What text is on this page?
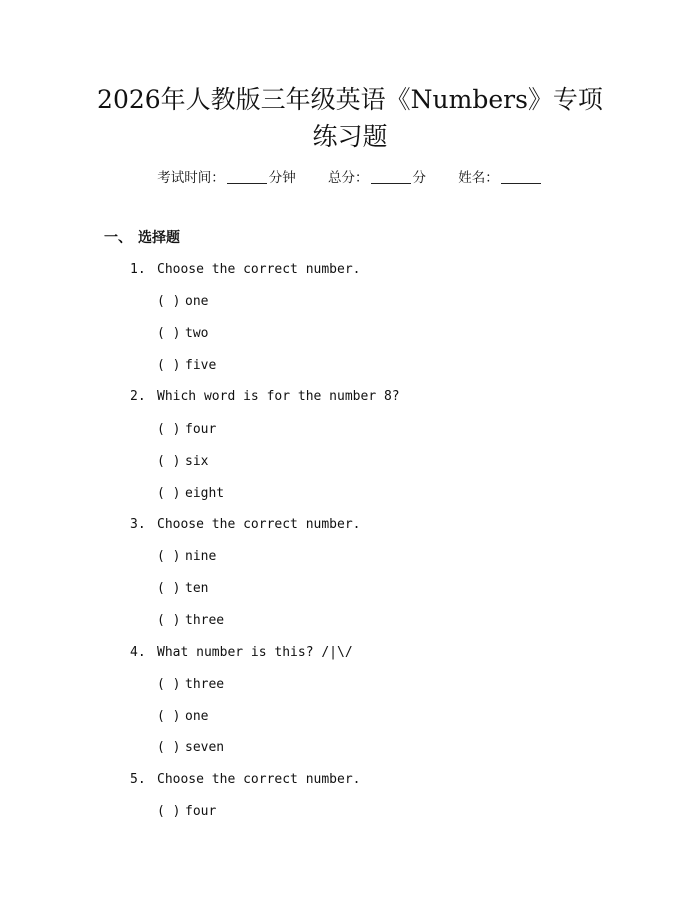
2026年人教版三年级英语《Numbers》专项
练习题
考试时间：	分钟 总分：	分 姓名：
一、 选择题
1. Choose the correct number.
( ) one
( ) two
( ) five
2. Which word is for the number 8?
( ) four
( ) six
( ) eight
3. Choose the correct number.
( ) nine
( ) ten
( ) three
4. What number is this? /|\/
( ) three
( ) one
( ) seven
5. Choose the correct number.
( ) four
